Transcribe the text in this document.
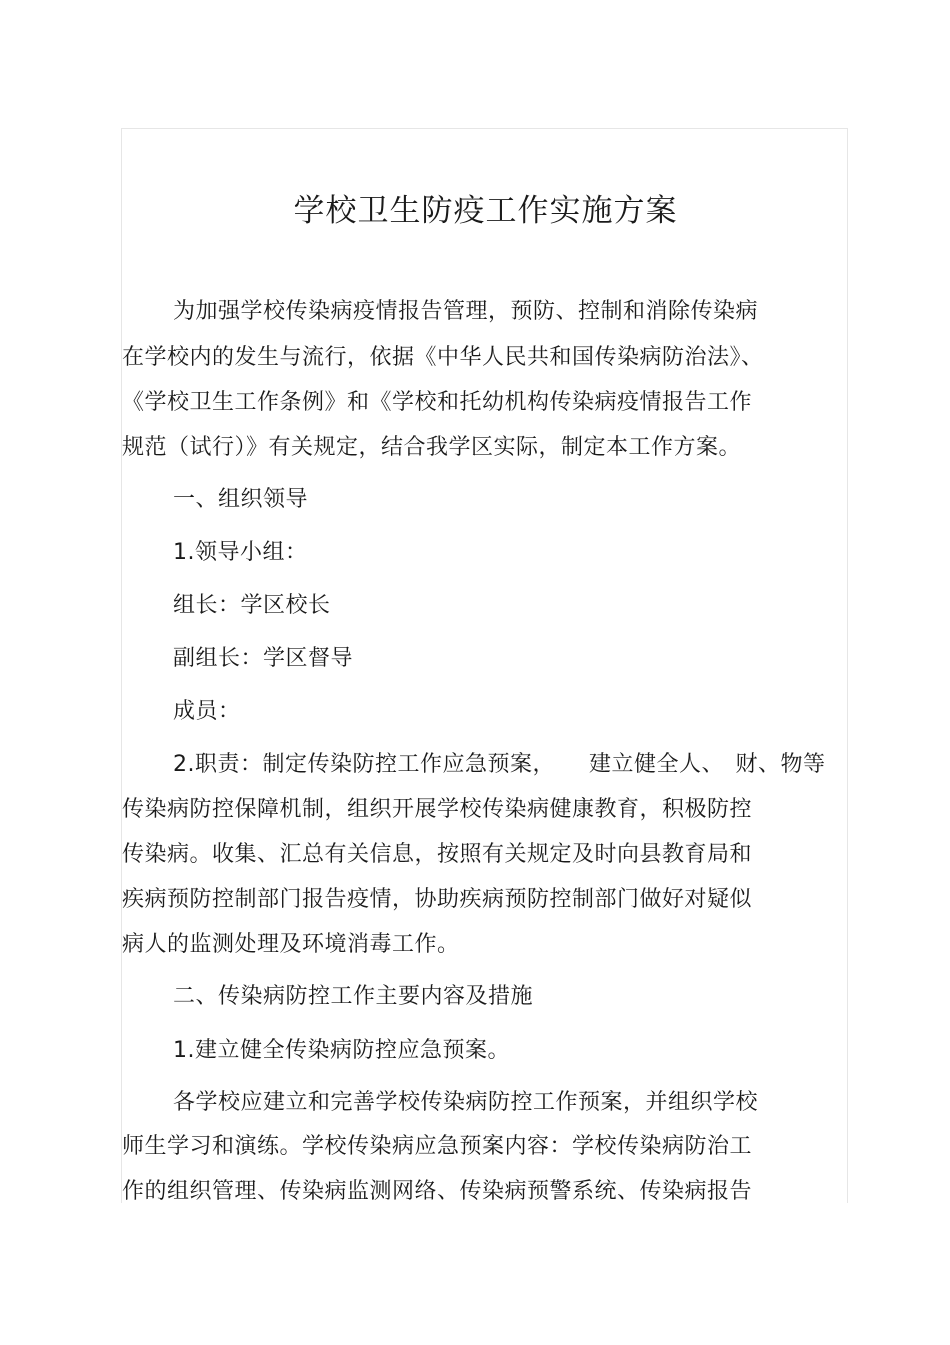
学校卫生防疫工作实施方案

为加强学校传染病疫情报告管理，预防、控制和消除传染病

在学校内的发生与流行，依据《中华人民共和国传染病防治法》、

《学校卫生工作条例》和《学校和托幼机构传染病疫情报告工作

规范（试行）》有关规定，结合我学区实际，制定本工作方案。

一、组织领导

1.领导小组：

组长：学区校长

副组长：学区督导

成员：

2.职责：制定传染防控工作应急预案，　　建立健全人、　财、物等

传染病防控保障机制，组织开展学校传染病健康教育，积极防控

传染病。收集、汇总有关信息，按照有关规定及时向县教育局和

疾病预防控制部门报告疫情，协助疾病预防控制部门做好对疑似

病人的监测处理及环境消毒工作。

二、传染病防控工作主要内容及措施

1.建立健全传染病防控应急预案。

各学校应建立和完善学校传染病防控工作预案，并组织学校

师生学习和演练。学校传染病应急预案内容：学校传染病防治工

作的组织管理、传染病监测网络、传染病预警系统、传染病报告
